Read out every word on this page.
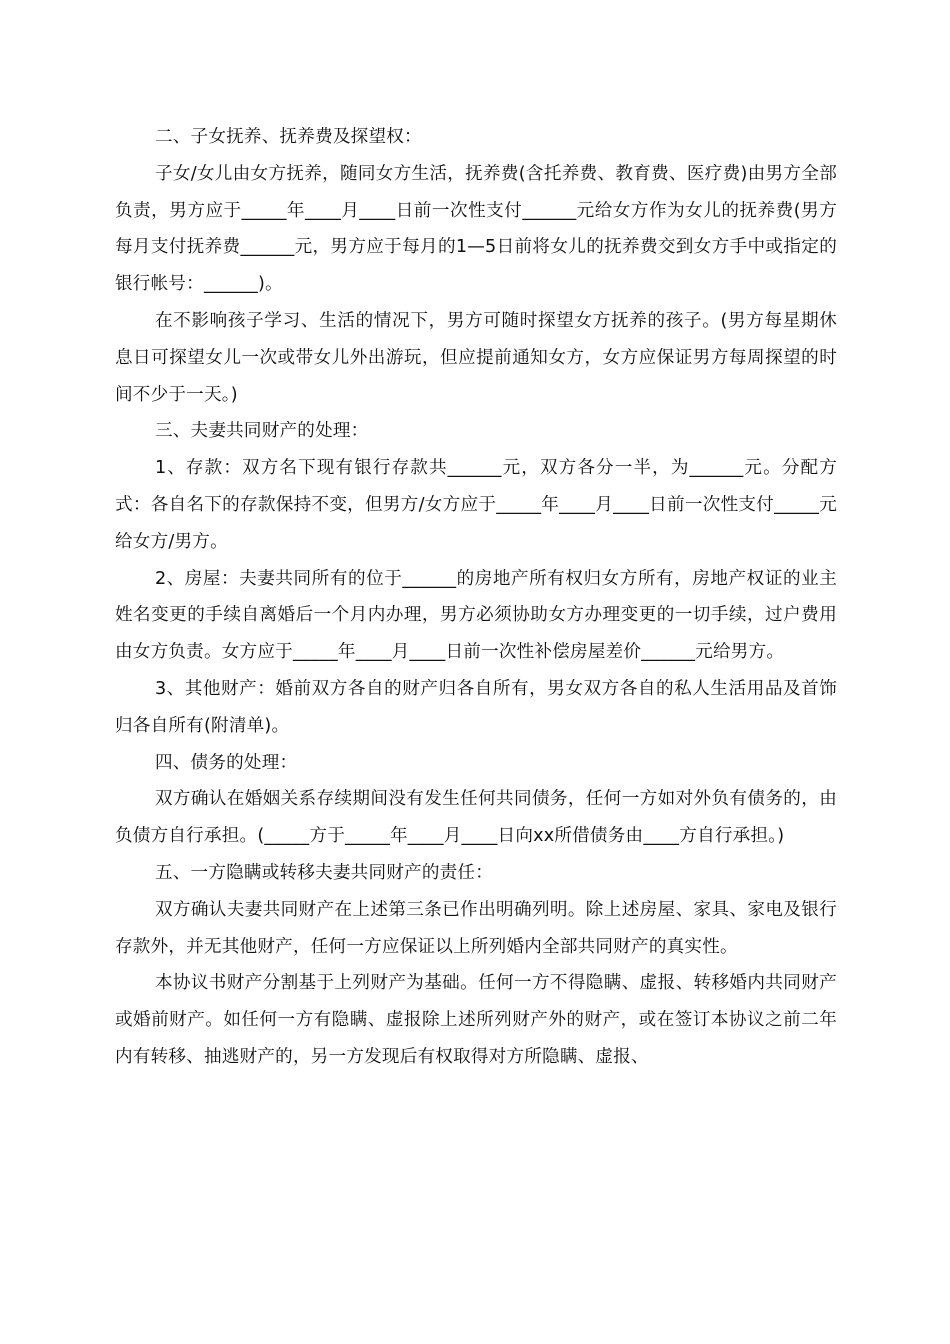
二、子女抚养、抚养费及探望权：

子女/女儿由女方抚养，随同女方生活，抚养费(含托养费、教育费、医疗费)由男方全部负责，男方应于_____年____月____日前一次性支付______元给女方作为女儿的抚养费(男方每月支付抚养费______元，男方应于每月的1—5日前将女儿的抚养费交到女方手中或指定的银行帐号：______)。

在不影响孩子学习、生活的情况下，男方可随时探望女方抚养的孩子。(男方每星期休息日可探望女儿一次或带女儿外出游玩，但应提前通知女方，女方应保证男方每周探望的时间不少于一天。)

三、夫妻共同财产的处理：

1、存款：双方名下现有银行存款共______元，双方各分一半，为______元。分配方式：各自名下的存款保持不变，但男方/女方应于_____年____月____日前一次性支付_____元给女方/男方。

2、房屋：夫妻共同所有的位于______的房地产所有权归女方所有，房地产权证的业主姓名变更的手续自离婚后一个月内办理，男方必须协助女方办理变更的一切手续，过户费用由女方负责。女方应于_____年____月____日前一次性补偿房屋差价______元给男方。

3、其他财产：婚前双方各自的财产归各自所有，男女双方各自的私人生活用品及首饰归各自所有(附清单)。

四、债务的处理：

双方确认在婚姻关系存续期间没有发生任何共同债务，任何一方如对外负有债务的，由负债方自行承担。(_____方于_____年____月____日向xx所借债务由____方自行承担。)

五、一方隐瞒或转移夫妻共同财产的责任：

双方确认夫妻共同财产在上述第三条已作出明确列明。除上述房屋、家具、家电及银行存款外，并无其他财产，任何一方应保证以上所列婚内全部共同财产的真实性。

本协议书财产分割基于上列财产为基础。任何一方不得隐瞒、虚报、转移婚内共同财产或婚前财产。如任何一方有隐瞒、虚报除上述所列财产外的财产，或在签订本协议之前二年内有转移、抽逃财产的，另一方发现后有权取得对方所隐瞒、虚报、
